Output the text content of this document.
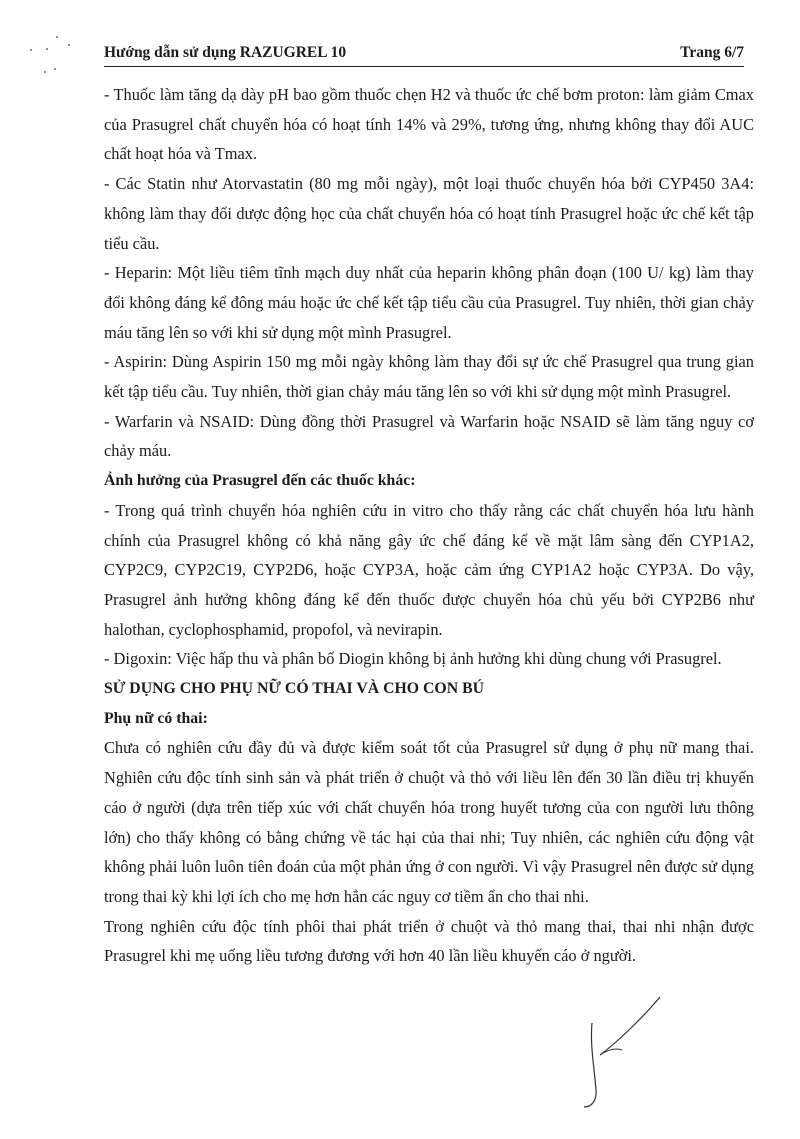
Hướng dẫn sử dụng RAZUGREL 10	Trang 6/7

- Thuốc làm tăng dạ dày pH bao gồm thuốc chẹn H2 và thuốc ức chế bơm proton: làm giảm Cmax của Prasugrel chất chuyển hóa có hoạt tính 14% và 29%, tương ứng, nhưng không thay đổi AUC chất hoạt hóa và Tmax.

- Các Statin như Atorvastatin (80 mg mỗi ngày), một loại thuốc chuyển hóa bởi CYP450 3A4: không làm thay đổi dược động học của chất chuyển hóa có hoạt tính Prasugrel hoặc ức chế kết tập tiểu cầu.

- Heparin: Một liều tiêm tĩnh mạch duy nhất của heparin không phân đoạn (100 U/ kg) làm thay đổi không đáng kể đông máu hoặc ức chế kết tập tiểu cầu của Prasugrel. Tuy nhiên, thời gian chảy máu tăng lên so với khi sử dụng một mình Prasugrel.

- Aspirin: Dùng Aspirin 150 mg mỗi ngày không làm thay đổi sự ức chế Prasugrel qua trung gian kết tập tiểu cầu. Tuy nhiên, thời gian chảy máu tăng lên so với khi sử dụng một mình Prasugrel.

- Warfarin và NSAID: Dùng đồng thời Prasugrel và Warfarin hoặc NSAID sẽ làm tăng nguy cơ chảy máu.

Ảnh hưởng của Prasugrel đến các thuốc khác:

- Trong quá trình chuyển hóa nghiên cứu in vitro cho thấy rằng các chất chuyển hóa lưu hành chính của Prasugrel không có khả năng gây ức chế đáng kể về mặt lâm sàng đến CYP1A2, CYP2C9, CYP2C19, CYP2D6, hoặc CYP3A, hoặc cảm ứng CYP1A2 hoặc CYP3A. Do vậy, Prasugrel ảnh hưởng không đáng kể đến thuốc được chuyển hóa chủ yếu bởi CYP2B6 như halothan, cyclophosphamid, propofol, và nevirapin.

- Digoxin: Việc hấp thu và phân bố Diogin không bị ảnh hưởng khi dùng chung với Prasugrel.

SỬ DỤNG CHO PHỤ NỮ CÓ THAI VÀ CHO CON BÚ

Phụ nữ có thai:

Chưa có nghiên cứu đầy đủ và được kiểm soát tốt của Prasugrel sử dụng ở phụ nữ mang thai. Nghiên cứu độc tính sinh sản và phát triển ở chuột và thỏ với liều lên đến 30 lần điều trị khuyến cáo ở người (dựa trên tiếp xúc với chất chuyển hóa trong huyết tương của con người lưu thông lớn) cho thấy không có bằng chứng về tác hại của thai nhi; Tuy nhiên, các nghiên cứu động vật không phải luôn luôn tiên đoán của một phản ứng ở con người. Vì vậy Prasugrel nên được sử dụng trong thai kỳ khi lợi ích cho mẹ hơn hẳn các nguy cơ tiềm ẩn cho thai nhi.

Trong nghiên cứu độc tính phôi thai phát triển ở chuột và thỏ mang thai, thai nhi nhận được Prasugrel khi mẹ uống liều tương đương với hơn 40 lần liều khuyến cáo ở người.
